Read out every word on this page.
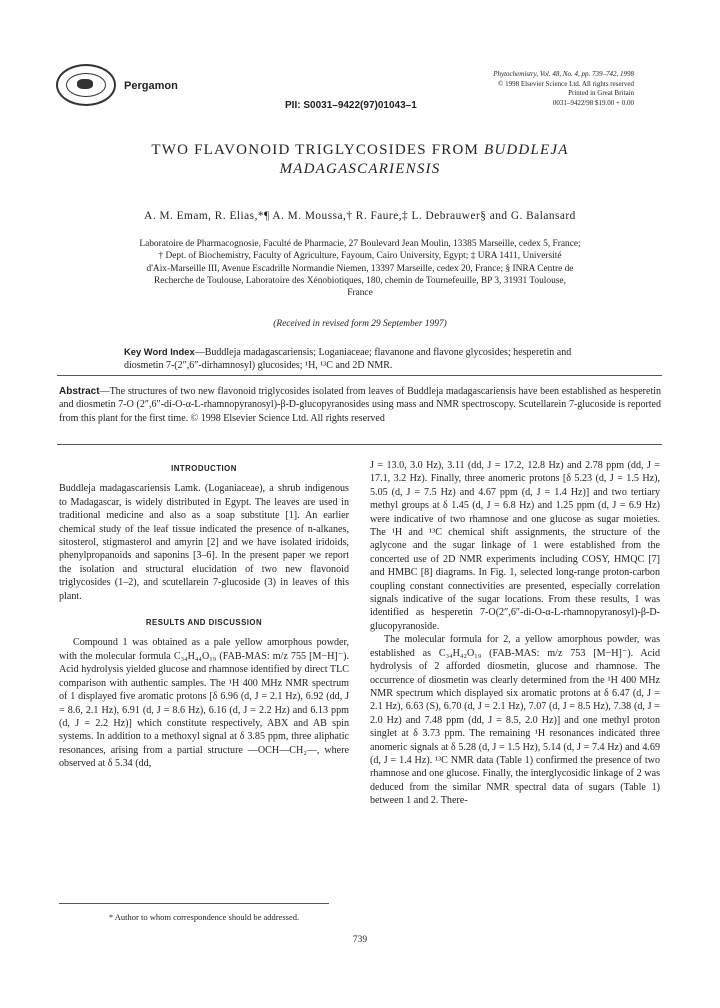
Pergamon
Phytochemistry, Vol. 48, No. 4, pp. 739–742, 1998
© 1998 Elsevier Science Ltd. All rights reserved
Printed in Great Britain
0031–9422/98 $19.00 + 0.00
PII: S0031–9422(97)01043–1
TWO FLAVONOID TRIGLYCOSIDES FROM BUDDLEJA
MADAGASCARIENSIS
A. M. Emam, R. Elias,*¶ A. M. Moussa,† R. Faure,‡ L. Debrauwer§ and G. Balansard
Laboratoire de Pharmacognosie, Faculté de Pharmacie, 27 Boulevard Jean Moulin, 13385 Marseille, cedex 5, France;
† Dept. of Biochemistry, Faculty of Agriculture, Fayoum, Cairo University, Egypt; ‡ URA 1411, Université
d'Aix-Marseille III, Avenue Escadrille Normandie Niemen, 13397 Marseille, cedex 20, France; § INRA Centre de
Recherche de Toulouse, Laboratoire des Xénobiotiques, 180, chemin de Tournefeuille, BP 3, 31931 Toulouse,
France
(Received in revised form 29 September 1997)
Key Word Index—Buddleja madagascariensis; Loganiaceae; flavanone and flavone glycosides; hesperetin and diosmetin 7-(2″,6″-dirhamnosyl) glucosides; ¹H, ¹³C and 2D NMR.
Abstract—The structures of two new flavonoid triglycosides isolated from leaves of Buddleja madagascariensis have been established as hesperetin and diosmetin 7-O (2″,6″-di-O-α-L-rhamnopyranosyl)-β-D-glucopyranosides using mass and NMR spectroscopy. Scutellarein 7-glucoside is reported from this plant for the first time. © 1998 Elsevier Science Ltd. All rights reserved
INTRODUCTION

Buddleja madagascariensis Lamk. (Loganiaceae), a shrub indigenous to Madagascar, is widely distributed in Egypt. The leaves are used in traditional medicine and also as a soap substitute [1]. An earlier chemical study of the leaf tissue indicated the presence of n-alkanes, sitosterol, stigmasterol and amyrin [2] and we have isolated iridoids, phenylpropanoids and saponins [3–6]. In the present paper we report the isolation and structural elucidation of two new flavonoid triglycosides (1–2), and scutellarein 7-glucoside (3) in leaves of this plant.

RESULTS AND DISCUSSION

Compound 1 was obtained as a pale yellow amorphous powder, with the molecular formula C₃₄H₄₄O₁₉ (FAB-MAS: m/z 755 [M−H]⁻). Acid hydrolysis yielded glucose and rhamnose identified by direct TLC comparison with authentic samples. The ¹H 400 MHz NMR spectrum of 1 displayed five aromatic protons [δ 6.96 (d, J = 2.1 Hz), 6.92 (dd, J = 8.6, 2.1 Hz), 6.91 (d, J = 8.6 Hz), 6.16 (d, J = 2.2 Hz) and 6.13 ppm (d, J = 2.2 Hz)] which constitute respectively, ABX and AB spin systems. In addition to a methoxyl signal at δ 3.85 ppm, three aliphatic resonances, arising from a partial structure —OCH—CH₂—, where observed at δ 5.34 (dd,

J = 13.0, 3.0 Hz), 3.11 (dd, J = 17.2, 12.8 Hz) and 2.78 ppm (dd, J = 17.1, 3.2 Hz). Finally, three anomeric protons [δ 5.23 (d, J = 1.5 Hz), 5.05 (d, J = 7.5 Hz) and 4.67 ppm (d, J = 1.4 Hz)] and two tertiary methyl groups at δ 1.45 (d, J = 6.8 Hz) and 1.25 ppm (d, J = 6.9 Hz) were indicative of two rhamnose and one glucose as sugar moieties. The ¹H and ¹³C chemical shift assignments, the structure of the aglycone and the sugar linkage of 1 were established from the concerted use of 2D NMR experiments including COSY, HMQC [7] and HMBC [8] diagrams. In Fig. 1, selected long-range proton-carbon coupling constant connectivities are presented, especially correlation signals indicative of the sugar locations. From these results, 1 was identified as hesperetin 7-O(2″,6″-di-O-α-L-rhamnopyranosyl)-β-D-glucopyranoside.

The molecular formula for 2, a yellow amorphous powder, was established as C₃₄H₄₂O₁₉ (FAB-MAS: m/z 753 [M−H]⁻). Acid hydrolysis of 2 afforded diosmetin, glucose and rhamnose. The occurrence of diosmetin was clearly determined from the ¹H 400 MHz NMR spectrum which displayed six aromatic protons at δ 6.47 (d, J = 2.1 Hz), 6.63 (S), 6.70 (d, J = 2.1 Hz), 7.07 (d, J = 8.5 Hz), 7.38 (d, J = 2.0 Hz) and 7.48 ppm (dd, J = 8.5, 2.0 Hz)] and one methyl proton singlet at δ 3.73 ppm. The remaining ¹H resonances indicated three anomeric signals at δ 5.28 (d, J = 1.5 Hz), 5.14 (d, J = 7.4 Hz) and 4.69 (d, J = 1.4 Hz). ¹³C NMR data (Table 1) confirmed the presence of two rhamnose and one glucose. Finally, the interglycosidic linkage of 2 was deduced from the similar NMR spectral data of sugars (Table 1) between 1 and 2. There-

* Author to whom correspondence should be addressed.
739
